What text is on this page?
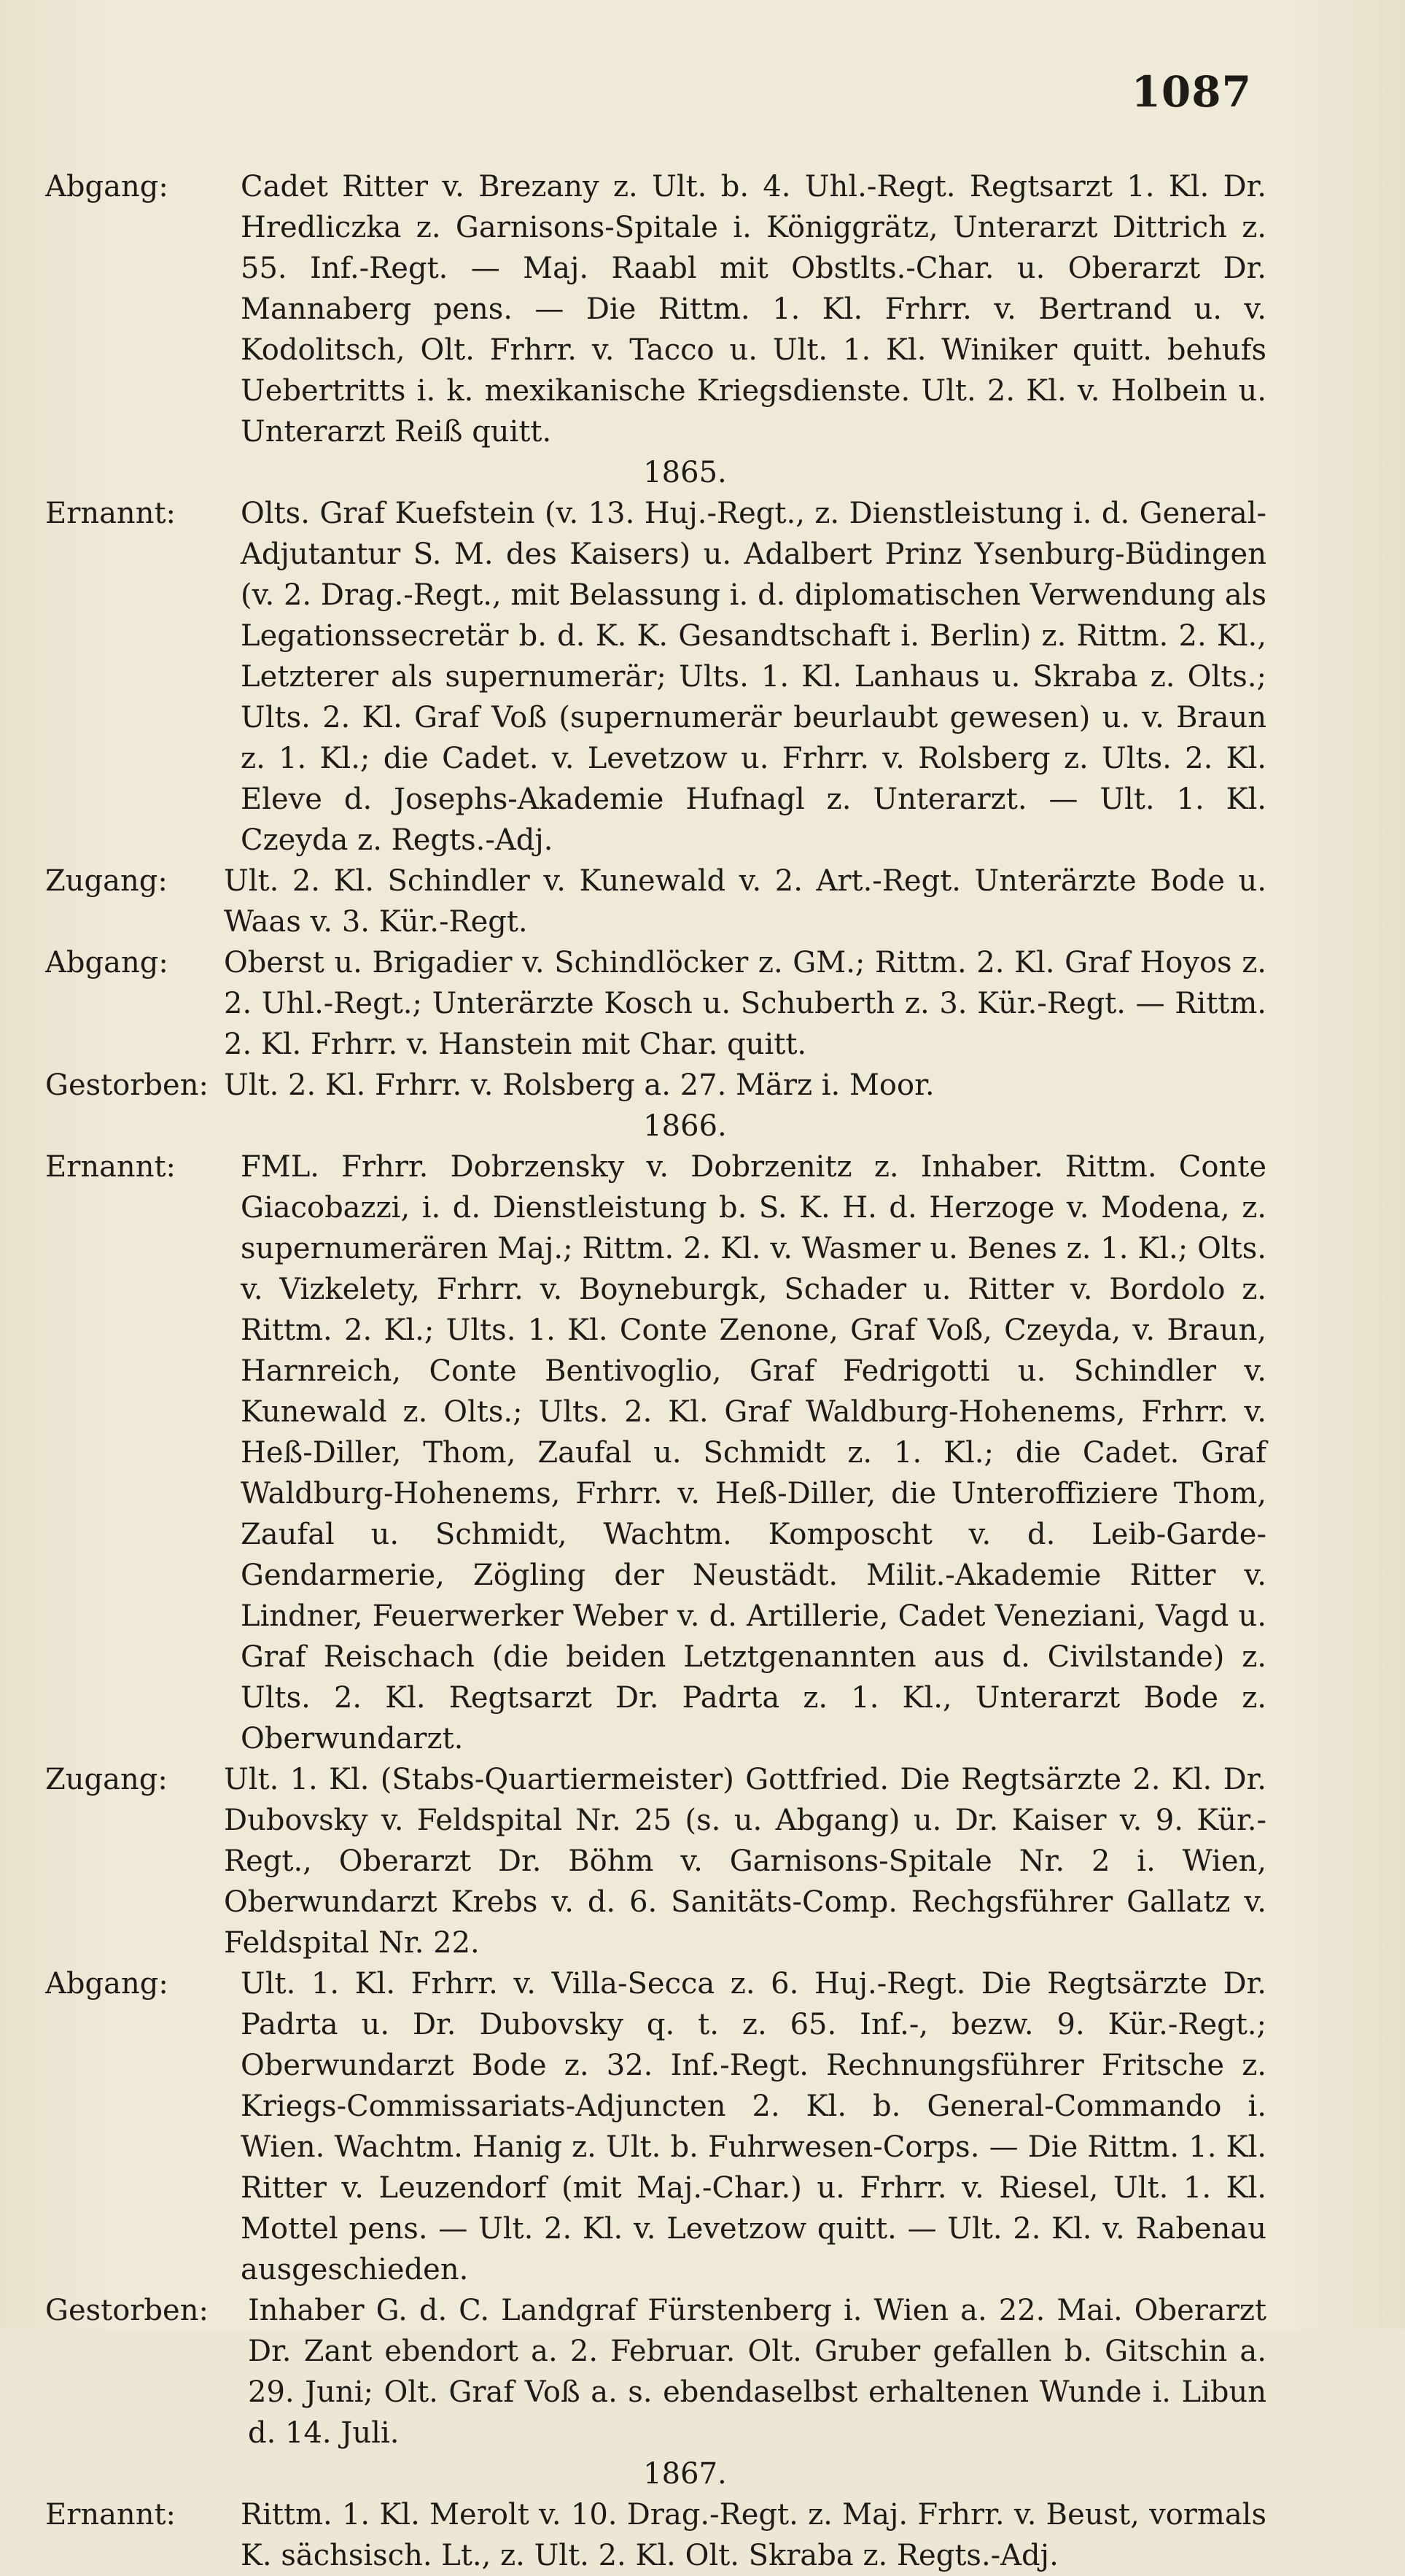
1087
Abgang:	Cadet Ritter v. Brezany z. Ult. b. 4. Uhl.-Regt. Regtsarzt 1. Kl. Dr. Hredliczka z. Garnisons-Spitale i. Königgrätz, Unterarzt Dittrich z. 55. Inf.-Regt. — Maj. Raabl mit Obstlts.-Char. u. Oberarzt Dr. Mannaberg pens. — Die Rittm. 1. Kl. Frhrr. v. Bertrand u. v. Kodolitsch, Olt. Frhrr. v. Tacco u. Ult. 1. Kl. Winiker quitt. behufs Uebertritts i. k. mexikanische Kriegsdienste. Ult. 2. Kl. v. Holbein u. Unterarzt Reiß quitt.
1865.
Ernannt:	Olts. Graf Kuefstein (v. 13. Huj.-Regt., z. Dienstleistung i. d. General-Adjutantur S. M. des Kaisers) u. Adalbert Prinz Ysenburg-Büdingen (v. 2. Drag.-Regt., mit Belassung i. d. diplomatischen Verwendung als Legationssecretär b. d. K. K. Gesandtschaft i. Berlin) z. Rittm. 2. Kl., Letzterer als supernumerär; Ults. 1. Kl. Lanhaus u. Skraba z. Olts.; Ults. 2. Kl. Graf Voß (supernumerär beurlaubt gewesen) u. v. Braun z. 1. Kl.; die Cadet. v. Levetzow u. Frhrr. v. Rolsberg z. Ults. 2. Kl. Eleve d. Josephs-Akademie Hufnagl z. Unterarzt. — Ult. 1. Kl. Czeyda z. Regts.-Adj.
Zugang:	Ult. 2. Kl. Schindler v. Kunewald v. 2. Art.-Regt. Unterärzte Bode u. Waas v. 3. Kür.-Regt.
Abgang:	Oberst u. Brigadier v. Schindlöcker z. GM.; Rittm. 2. Kl. Graf Hoyos z. 2. Uhl.-Regt.; Unterärzte Kosch u. Schuberth z. 3. Kür.-Regt. — Rittm. 2. Kl. Frhrr. v. Hanstein mit Char. quitt.
Gestorben: Ult. 2. Kl. Frhrr. v. Rolsberg a. 27. März i. Moor.
1866.
Ernannt:	FML. Frhrr. Dobrzensky v. Dobrzenitz z. Inhaber. Rittm. Conte Giacobazzi, i. d. Dienstleistung b. S. K. H. d. Herzoge v. Modena, z. supernumerären Maj.; Rittm. 2. Kl. v. Wasmer u. Benes z. 1. Kl.; Olts. v. Vizkelety, Frhrr. v. Boyneburgk, Schader u. Ritter v. Bordolo z. Rittm. 2. Kl.; Ults. 1. Kl. Conte Zenone, Graf Voß, Czeyda, v. Braun, Harnreich, Conte Bentivoglio, Graf Fedrigotti u. Schindler v. Kunewald z. Olts.; Ults. 2. Kl. Graf Waldburg-Hohenems, Frhrr. v. Heß-Diller, Thom, Zaufal u. Schmidt z. 1. Kl.; die Cadet. Graf Waldburg-Hohenems, Frhrr. v. Heß-Diller, die Unteroffiziere Thom, Zaufal u. Schmidt, Wachtm. Komposcht v. d. Leib-Garde-Gendarmerie, Zögling der Neustädt. Milit.-Akademie Ritter v. Lindner, Feuerwerker Weber v. d. Artillerie, Cadet Veneziani, Vagd u. Graf Reischach (die beiden Letztgenannten aus d. Civilstande) z. Ults. 2. Kl. Regtsarzt Dr. Padrta z. 1. Kl., Unterarzt Bode z. Oberwundarzt.
Zugang:	Ult. 1. Kl. (Stabs-Quartiermeister) Gottfried. Die Regtsärzte 2. Kl. Dr. Dubovsky v. Feldspital Nr. 25 (s. u. Abgang) u. Dr. Kaiser v. 9. Kür.-Regt., Oberarzt Dr. Böhm v. Garnisons-Spitale Nr. 2 i. Wien, Oberwundarzt Krebs v. d. 6. Sanitäts-Comp. Rechgsführer Gallatz v. Feldspital Nr. 22.
Abgang:	Ult. 1. Kl. Frhrr. v. Villa-Secca z. 6. Huj.-Regt. Die Regtsärzte Dr. Padrta u. Dr. Dubovsky q. t. z. 65. Inf.-, bezw. 9. Kür.-Regt.; Oberwundarzt Bode z. 32. Inf.-Regt. Rechnungsführer Fritsche z. Kriegs-Commissariats-Adjuncten 2. Kl. b. General-Commando i. Wien. Wachtm. Hanig z. Ult. b. Fuhrwesen-Corps. — Die Rittm. 1. Kl. Ritter v. Leuzendorf (mit Maj.-Char.) u. Frhrr. v. Riesel, Ult. 1. Kl. Mottel pens. — Ult. 2. Kl. v. Levetzow quitt. — Ult. 2. Kl. v. Rabenau ausgeschieden.
Gestorben:	Inhaber G. d. C. Landgraf Fürstenberg i. Wien a. 22. Mai. Oberarzt Dr. Zant ebendort a. 2. Februar. Olt. Gruber gefallen b. Gitschin a. 29. Juni; Olt. Graf Voß a. s. ebendaselbst erhaltenen Wunde i. Libun d. 14. Juli.
1867.
Ernannt:	Rittm. 1. Kl. Merolt v. 10. Drag.-Regt. z. Maj. Frhrr. v. Beust, vormals K. sächsisch. Lt., z. Ult. 2. Kl. Olt. Skraba z. Regts.-Adj.
